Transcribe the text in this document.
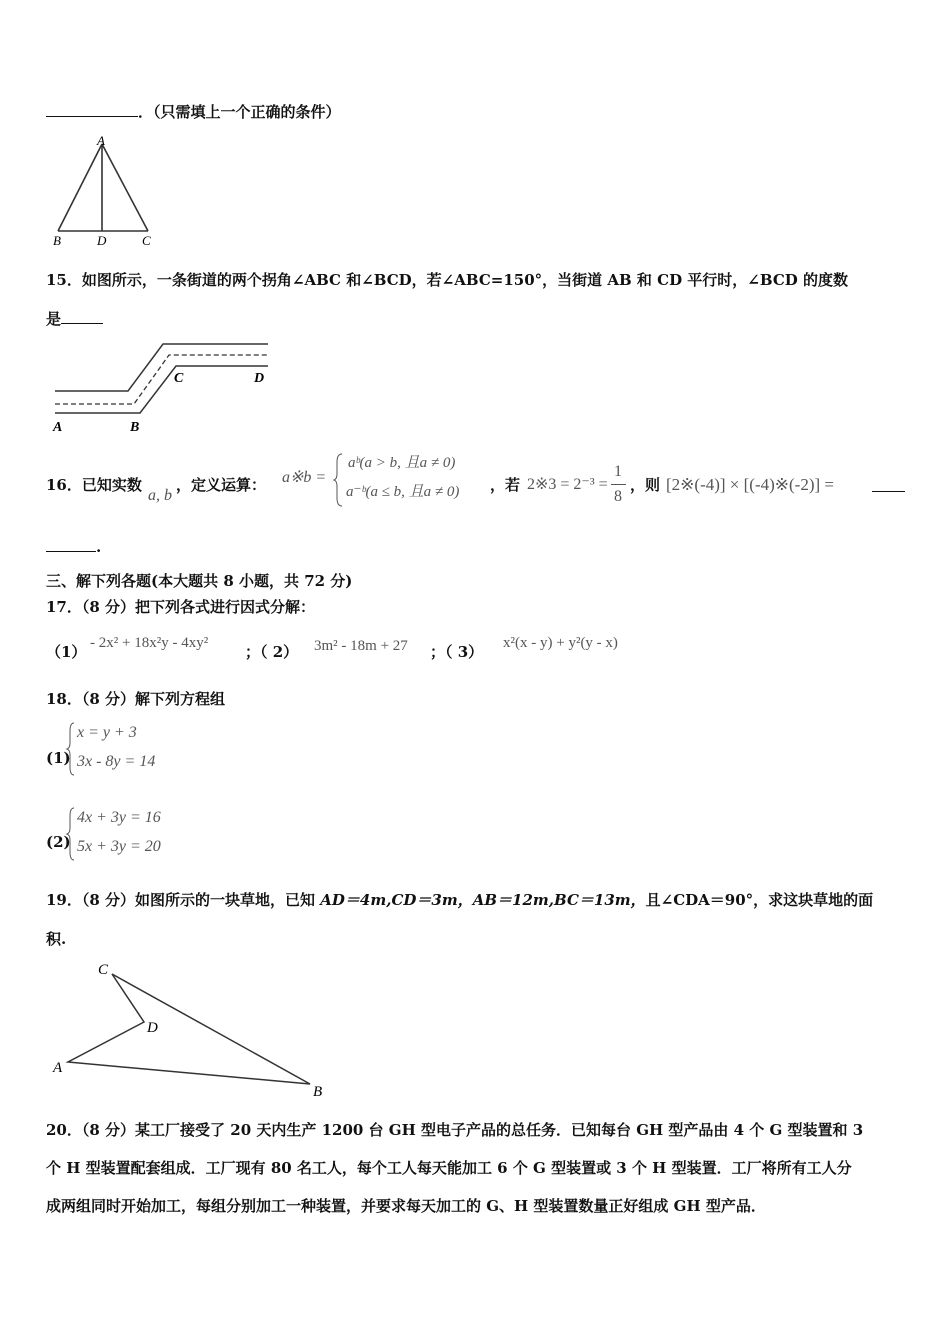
．（只需填上一个正确的条件）
A
B	D	C
15．如图所示，一条街道的两个拐角∠ABC 和∠BCD，若∠ABC=150°，当街道 AB 和 CD 平行时，∠BCD 的度数
是
A	B
C	D
16．已知实数
a, b
，定义运算： a※b =
aᵇ(a > b, 且a ≠ 0)
a⁻ᵇ(a ≤ b, 且a ≠ 0) ，若 2※3 = 2⁻³ =
1
8
，则 [2※(-4)] × [(-4)※(-2)] =
.
三、解下列各题(本大题共 8 小题，共 72 分)
17．（8 分）把下列各式进行因式分解：
（1） - 2x² + 18x²y - 4xy² ；（ 2） 3m² - 18m + 27 ；（ 3） x²(x - y) + y²(y - x)
18．（8 分）解下列方程组
(1)
x = y + 3
3x - 8y = 14
(2)
4x + 3y = 16
5x + 3y = 20
19．（8 分）如图所示的一块草地，已知 AD＝4m,CD＝3m，AB＝12m,BC＝13m，且∠CDA＝90°，求这块草地的面
积.
C
D
A
B
20．（8 分）某工厂接受了 20 天内生产 1200 台 GH 型电子产品的总任务．已知每台 GH 型产品由 4 个 G 型装置和 3
个 H 型装置配套组成．工厂现有 80 名工人，每个工人每天能加工 6 个 G 型装置或 3 个 H 型装置．工厂将所有工人分
成两组同时开始加工，每组分别加工一种装置，并要求每天加工的 G、H 型装置数量正好组成 GH 型产品．
